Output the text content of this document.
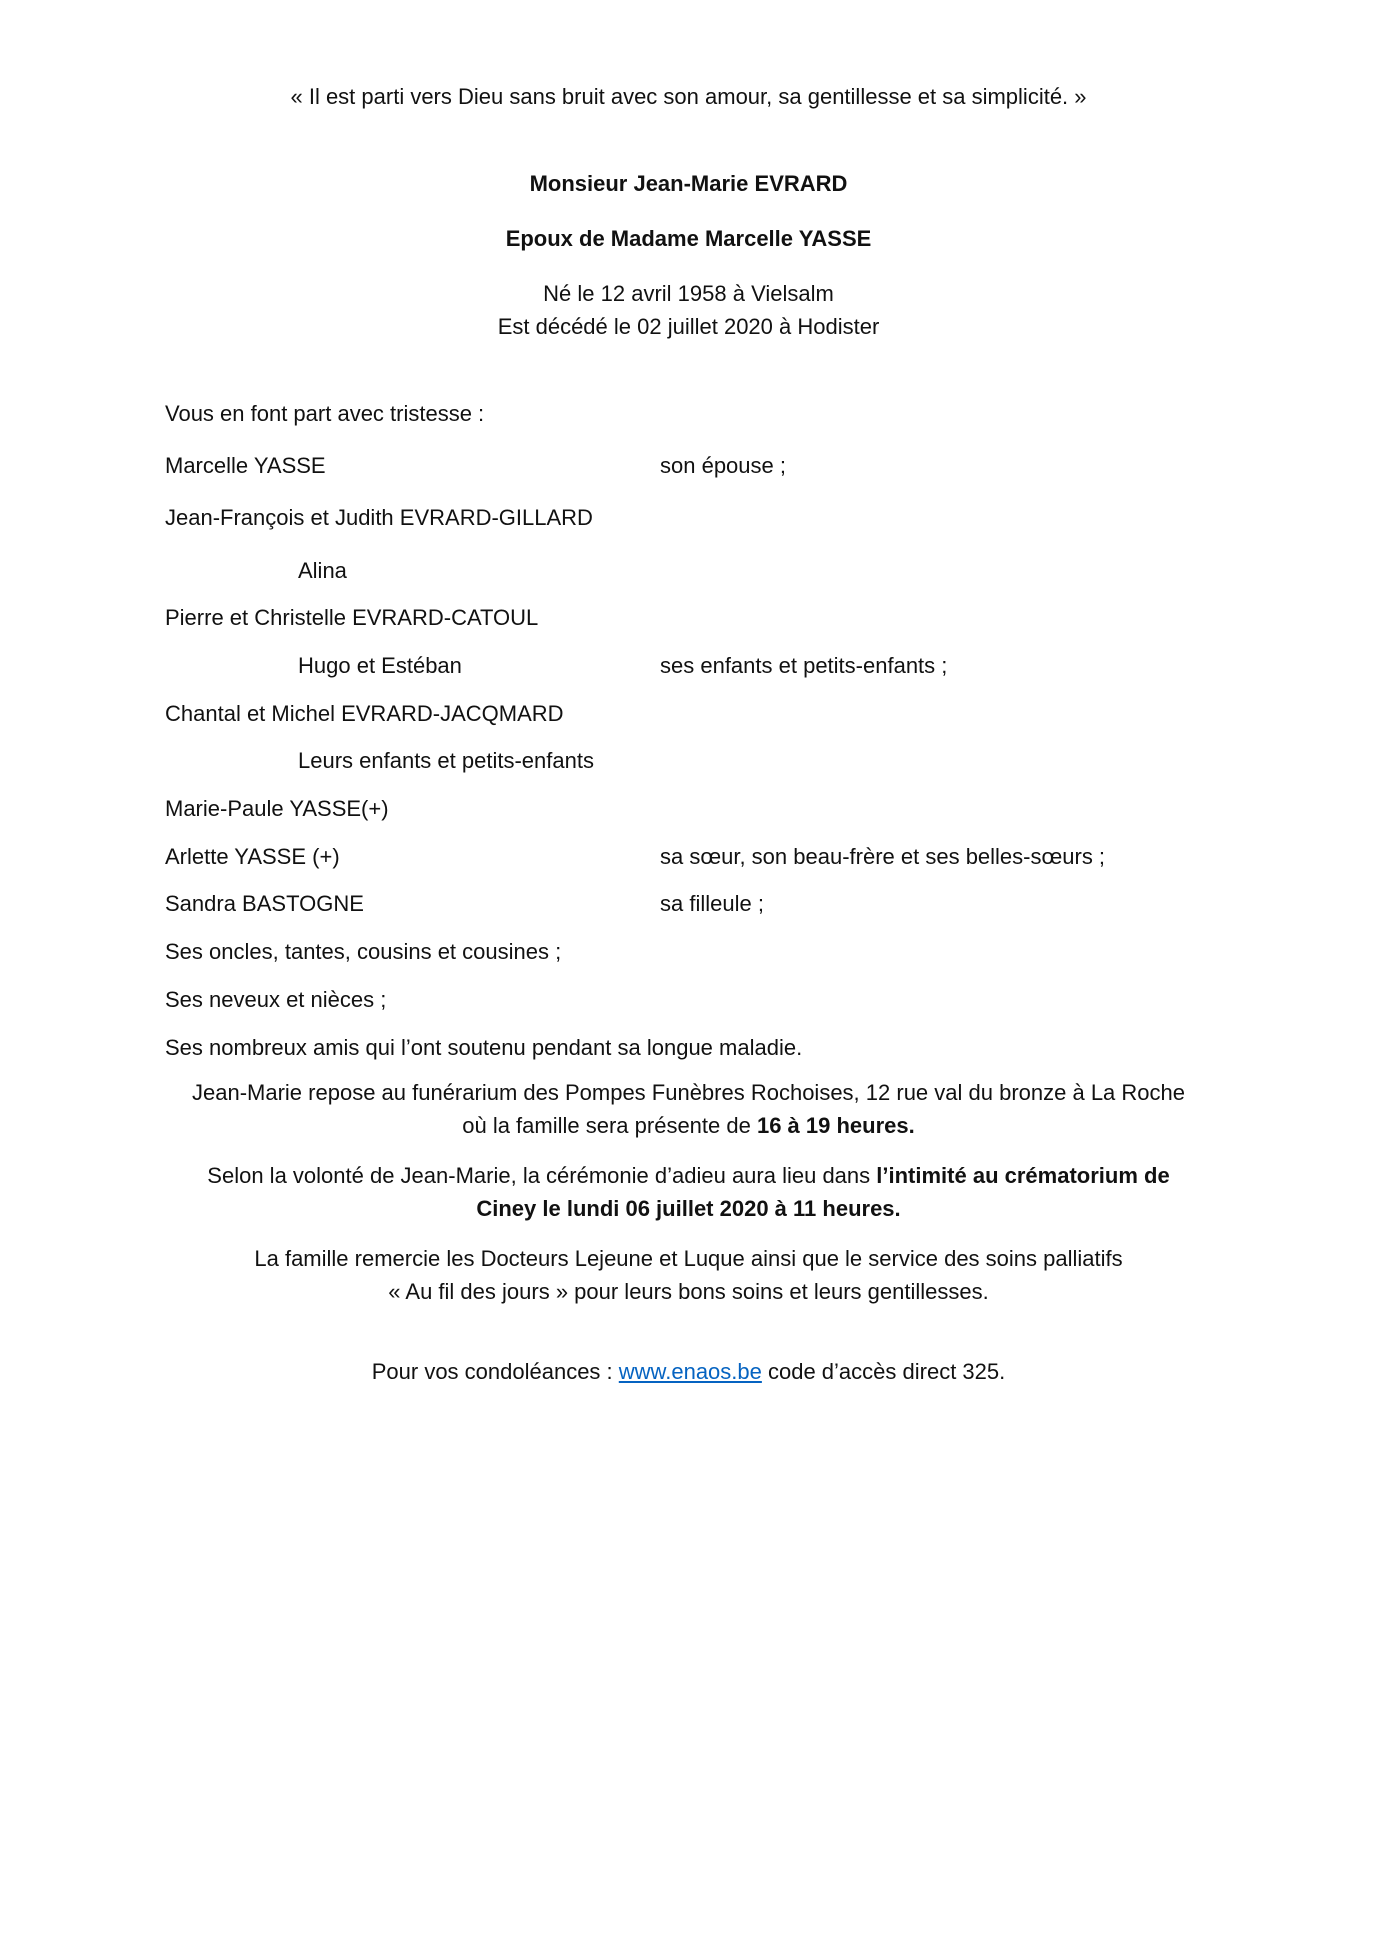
« Il est parti vers Dieu sans bruit avec son amour, sa gentillesse et sa simplicité. »
Monsieur Jean-Marie EVRARD
Epoux de Madame Marcelle YASSE
Né le 12 avril 1958 à Vielsalm
Est décédé le 02 juillet 2020 à Hodister
Vous en font part avec tristesse :
Marcelle YASSE	son épouse ;
Jean-François et Judith EVRARD-GILLARD
Alina
Pierre et Christelle EVRARD-CATOUL
Hugo et Estéban	ses enfants et petits-enfants ;
Chantal et Michel EVRARD-JACQMARD
Leurs enfants et petits-enfants
Marie-Paule YASSE(+)
Arlette YASSE (+)	sa sœur, son beau-frère et ses belles-sœurs ;
Sandra BASTOGNE	sa filleule ;
Ses oncles, tantes, cousins et cousines ;
Ses neveux et nièces ;
Ses nombreux amis qui l’ont soutenu pendant sa longue maladie.
Jean-Marie repose au funérarium des Pompes Funèbres Rochoises, 12 rue val du bronze à La Roche
où la famille sera présente de 16 à 19 heures.
Selon la volonté de Jean-Marie, la cérémonie d’adieu aura lieu dans l’intimité au crématorium de
Ciney le lundi 06 juillet 2020 à 11 heures.
La famille remercie les Docteurs Lejeune et Luque ainsi que le service des soins palliatifs
« Au fil des jours » pour leurs bons soins et leurs gentillesses.
Pour vos condoléances : www.enaos.be code d’accès direct 325.
